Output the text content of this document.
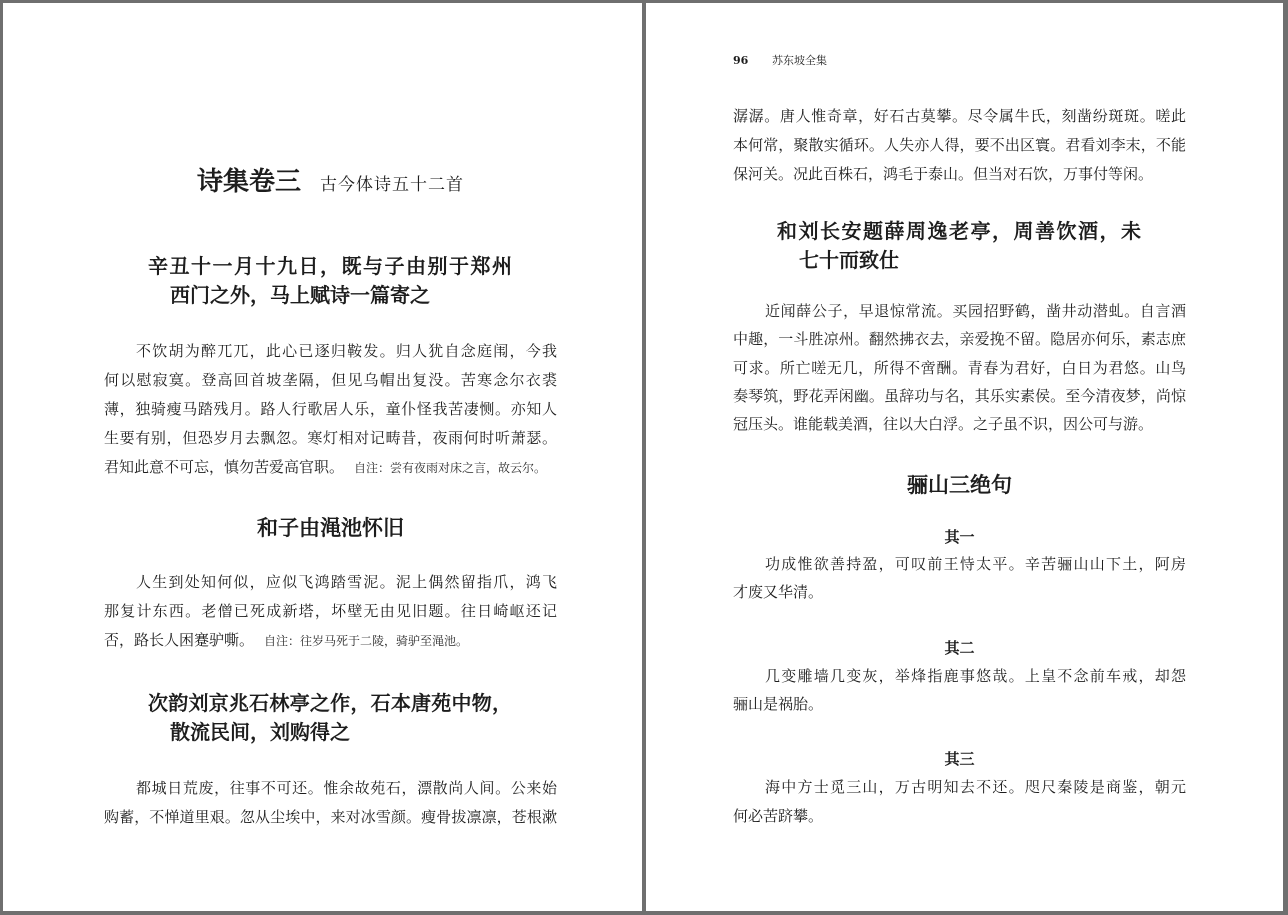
诗集卷三 古今体诗五十二首
辛丑十一月十九日，既与子由别于郑州
西门之外，马上赋诗一篇寄之
不饮胡为醉兀兀，此心已逐归鞍发。归人犹自念庭闱，今我
何以慰寂寞。登高回首坡垄隔，但见乌帽出复没。苦寒念尔衣裘
薄，独骑瘦马踏残月。路人行歌居人乐，童仆怪我苦凄恻。亦知人
生要有别，但恐岁月去飘忽。寒灯相对记畴昔，夜雨何时听萧瑟。
君知此意不可忘，慎勿苦爱高官职。 自注：尝有夜雨对床之言，故云尔。
和子由渑池怀旧
人生到处知何似，应似飞鸿踏雪泥。泥上偶然留指爪，鸿飞
那复计东西。老僧已死成新塔，坏壁无由见旧题。往日崎岖还记
否，路长人困蹇驴嘶。 自注：往岁马死于二陵，骑驴至渑池。
次韵刘京兆石林亭之作，石本唐苑中物，
散流民间，刘购得之
都城日荒废，往事不可还。惟余故苑石，漂散尚人间。公来始
购蓄，不惮道里艰。忽从尘埃中，来对冰雪颜。瘦骨拔凛凛，苍根漱
96 苏东坡全集
潺潺。唐人惟奇章，好石古莫攀。尽令属牛氏，刻凿纷斑斑。嗟此
本何常，聚散实循环。人失亦人得，要不出区寰。君看刘李末，不能
保河关。况此百株石，鸿毛于泰山。但当对石饮，万事付等闲。
和刘长安题薛周逸老亭，周善饮酒，未
七十而致仕
近闻薛公子，早退惊常流。买园招野鹤，凿井动潜虬。自言酒
中趣，一斗胜凉州。翻然拂衣去，亲爱挽不留。隐居亦何乐，素志庶
可求。所亡嗟无几，所得不啻酬。青春为君好，白日为君悠。山鸟
奏琴筑，野花弄闲幽。虽辞功与名，其乐实素侯。至今清夜梦，尚惊
冠压头。谁能载美酒，往以大白浮。之子虽不识，因公可与游。
骊山三绝句
其一
功成惟欲善持盈，可叹前王恃太平。辛苦骊山山下土，阿房
才废又华清。
其二
几变雕墙几变灰，举烽指鹿事悠哉。上皇不念前车戒，却怨
骊山是祸胎。
其三
海中方士觅三山，万古明知去不还。咫尺秦陵是商鉴，朝元
何必苦跻攀。
